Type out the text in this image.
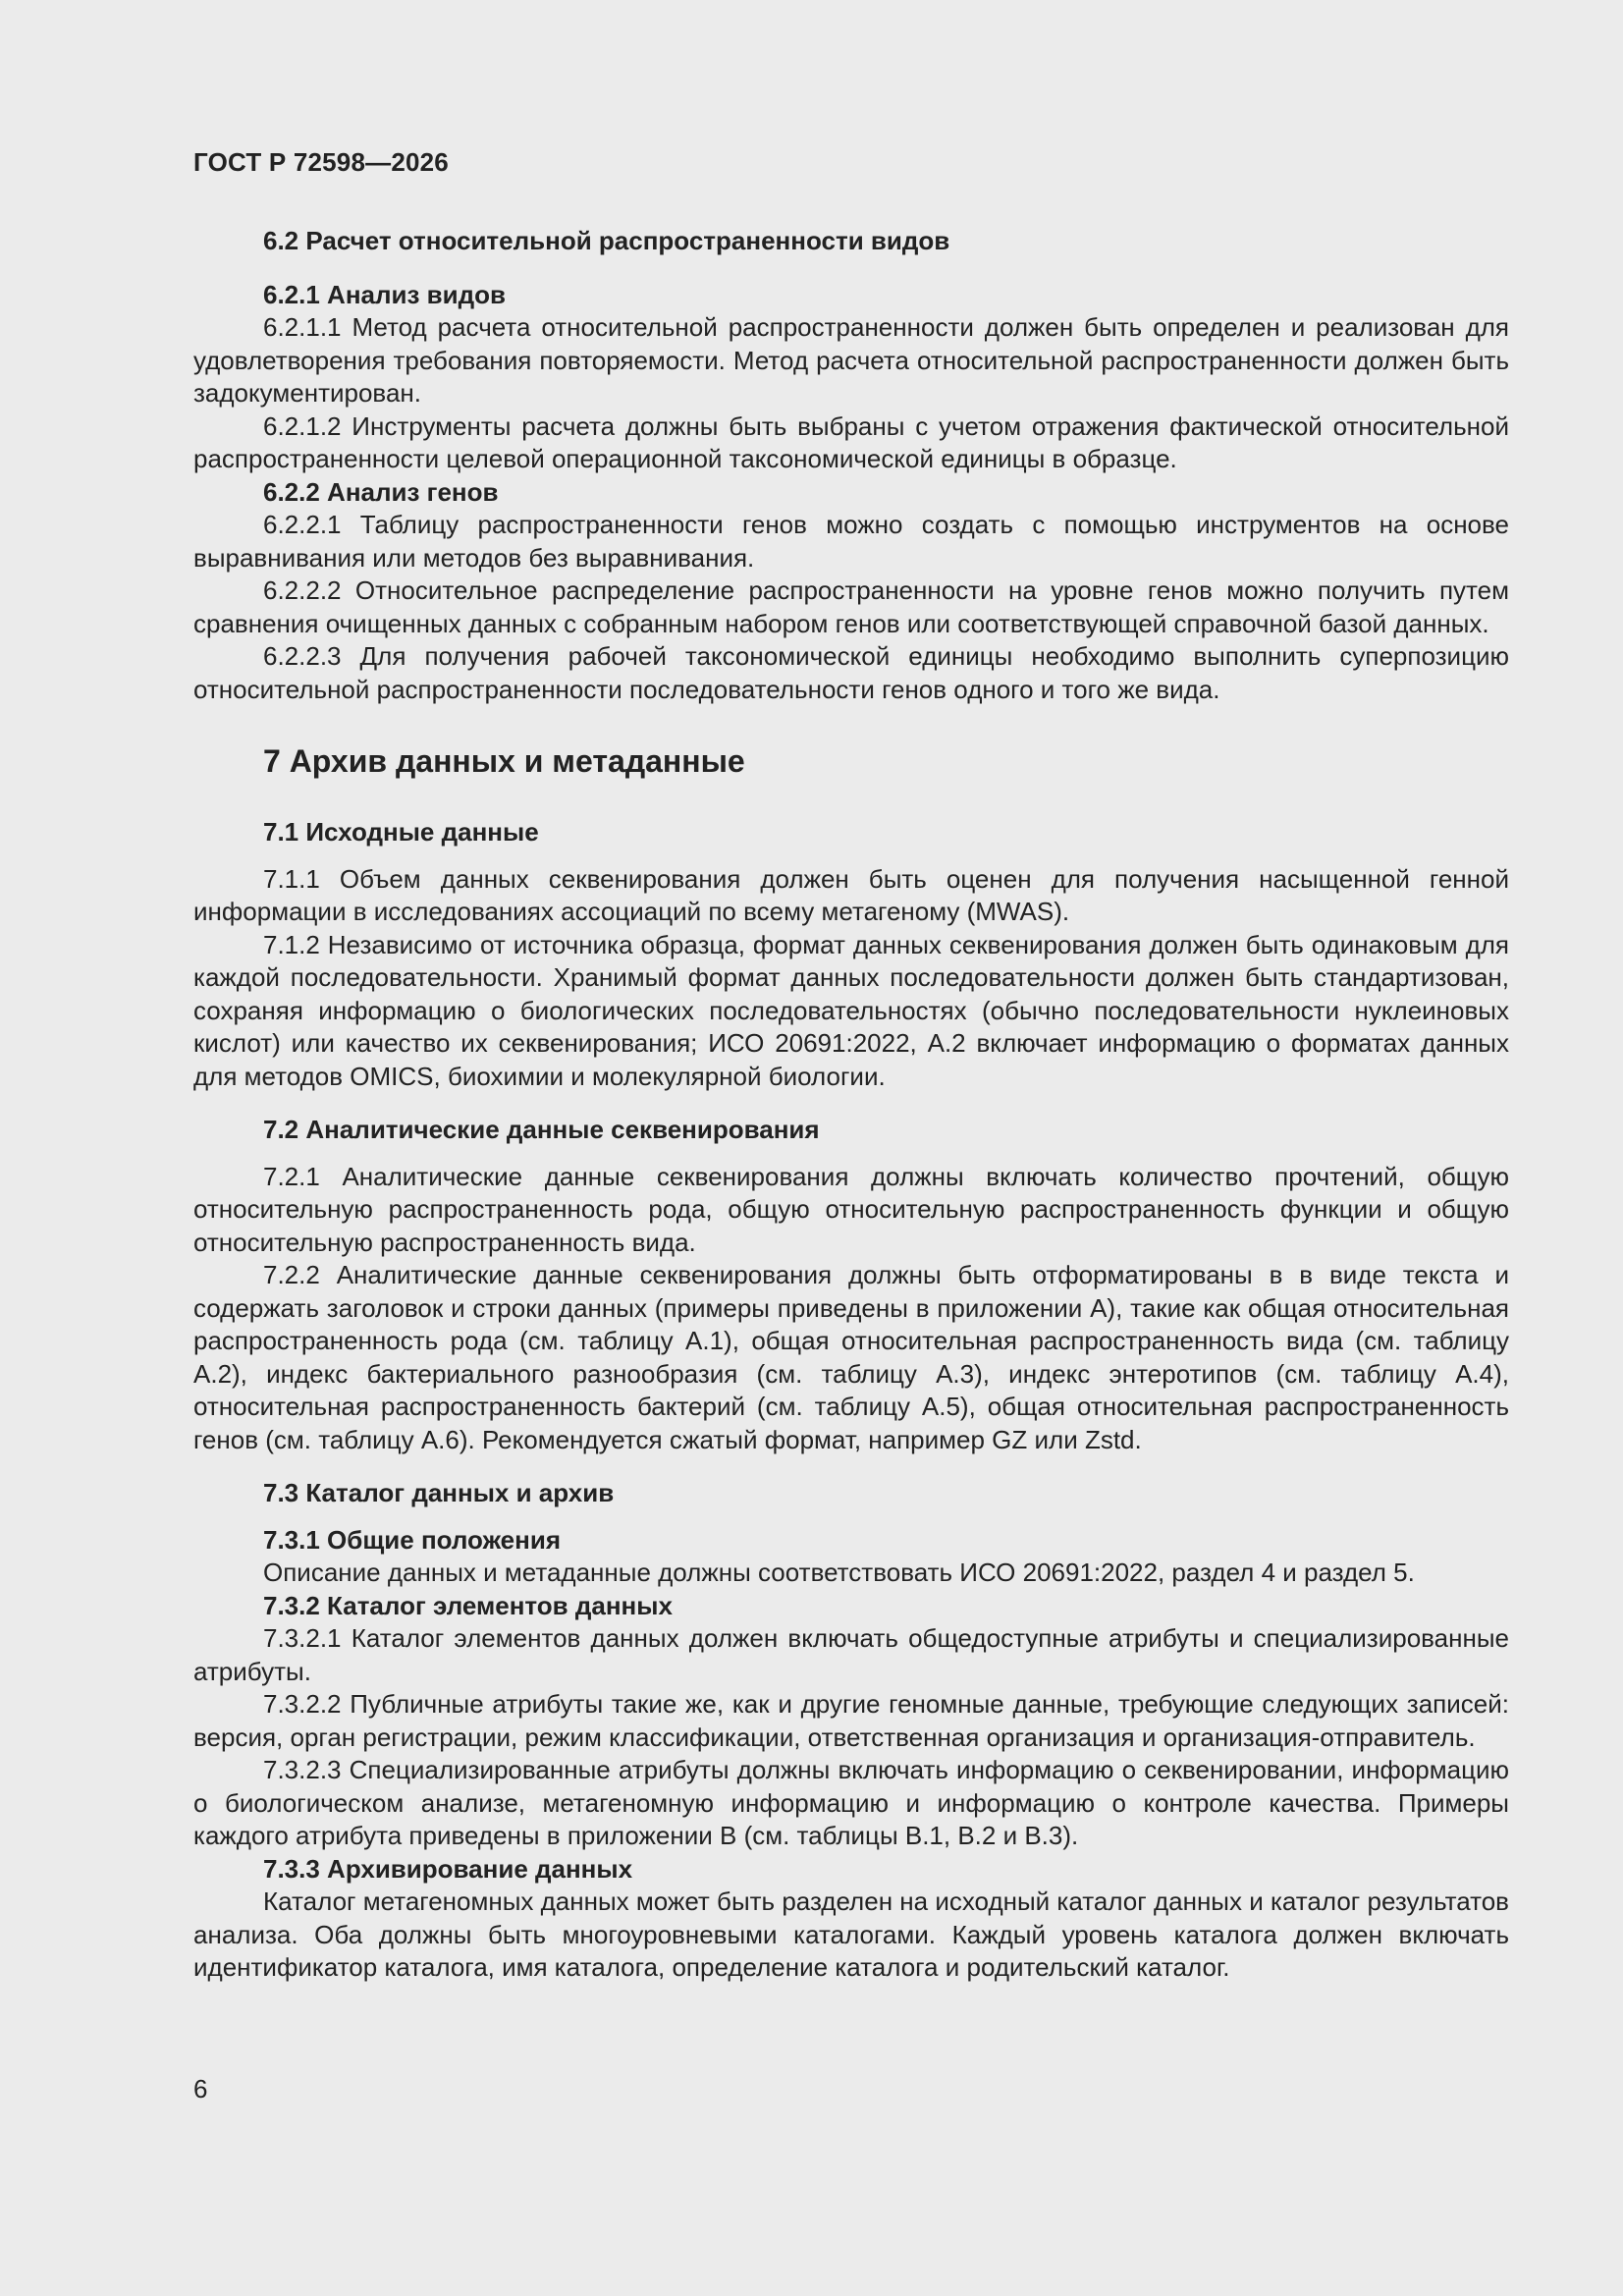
ГОСТ Р 72598—2026
6.2 Расчет относительной распространенности видов
6.2.1 Анализ видов

6.2.1.1 Метод расчета относительной распространенности должен быть определен и реализован для удовлетворения требования повторяемости. Метод расчета относительной распространенности должен быть задокументирован.

6.2.1.2 Инструменты расчета должны быть выбраны с учетом отражения фактической относительной распространенности целевой операционной таксономической единицы в образце.

6.2.2 Анализ генов

6.2.2.1 Таблицу распространенности генов можно создать с помощью инструментов на основе выравнивания или методов без выравнивания.

6.2.2.2 Относительное распределение распространенности на уровне генов можно получить путем сравнения очищенных данных с собранным набором генов или соответствующей справочной базой данных.

6.2.2.3 Для получения рабочей таксономической единицы необходимо выполнить суперпозицию относительной распространенности последовательности генов одного и того же вида.

7 Архив данных и метаданные
7.1 Исходные данные

7.1.1 Объем данных секвенирования должен быть оценен для получения насыщенной генной информации в исследованиях ассоциаций по всему метагеному (MWAS).

7.1.2 Независимо от источника образца, формат данных секвенирования должен быть одинаковым для каждой последовательности. Хранимый формат данных последовательности должен быть стандартизован, сохраняя информацию о биологических последовательностях (обычно последовательности нуклеиновых кислот) или качество их секвенирования; ИСО 20691:2022, А.2 включает информацию о форматах данных для методов OMICS, биохимии и молекулярной биологии.

7.2 Аналитические данные секвенирования

7.2.1 Аналитические данные секвенирования должны включать количество прочтений, общую относительную распространенность рода, общую относительную распространенность функции и общую относительную распространенность вида.

7.2.2 Аналитические данные секвенирования должны быть отформатированы в в виде текста и содержать заголовок и строки данных (примеры приведены в приложении А), такие как общая относительная распространенность рода (см. таблицу А.1), общая относительная распространенность вида (см. таблицу А.2), индекс бактериального разнообразия (см. таблицу А.3), индекс энтеротипов (см. таблицу А.4), относительная распространенность бактерий (см. таблицу А.5), общая относительная распространенность генов (см. таблицу А.6). Рекомендуется сжатый формат, например GZ или Zstd.

7.3 Каталог данных и архив
7.3.1 Общие положения

Описание данных и метаданные должны соответствовать ИСО 20691:2022, раздел 4 и раздел 5.

7.3.2 Каталог элементов данных

7.3.2.1 Каталог элементов данных должен включать общедоступные атрибуты и специализированные атрибуты.

7.3.2.2 Публичные атрибуты такие же, как и другие геномные данные, требующие следующих записей: версия, орган регистрации, режим классификации, ответственная организация и организация-отправитель.

7.3.2.3 Специализированные атрибуты должны включать информацию о секвенировании, информацию о биологическом анализе, метагеномную информацию и информацию о контроле качества. Примеры каждого атрибута приведены в приложении В (см. таблицы В.1, В.2 и В.3).

7.3.3 Архивирование данных

Каталог метагеномных данных может быть разделен на исходный каталог данных и каталог результатов анализа. Оба должны быть многоуровневыми каталогами. Каждый уровень каталога должен включать идентификатор каталога, имя каталога, определение каталога и родительский каталог.

6
